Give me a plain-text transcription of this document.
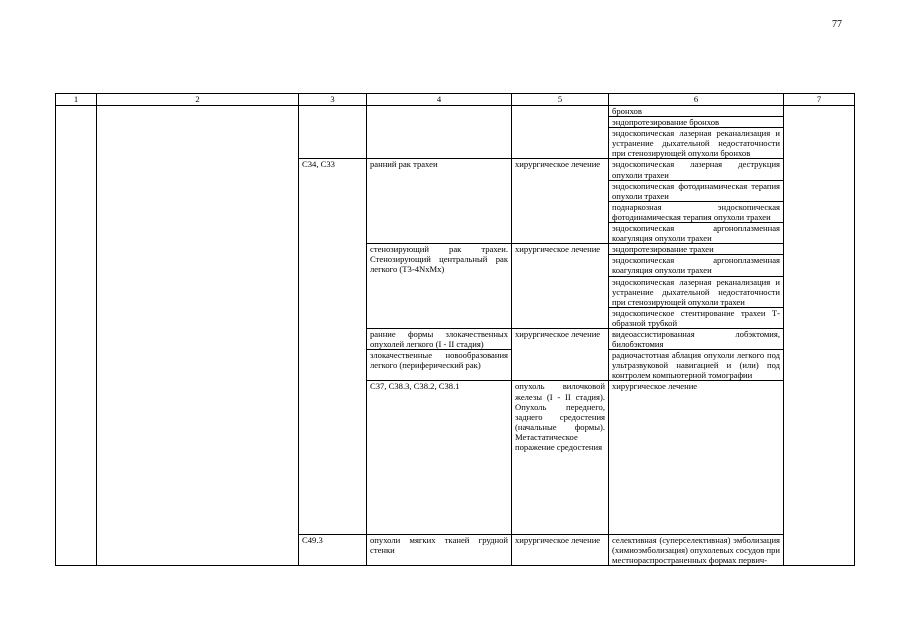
77
1	2	3	4	5	6	7	
					бронхов		
					эндопротезирование бронхов		
					эндоскопическая лазерная реканализация и устранение дыхательной недостаточности при стенозирующей опухоли бронхов		
		C34, C33	ранний рак трахеи	хирургическое лечение	эндоскопическая лазерная деструкция опухоли трахеи		
					эндоскопическая фотодинамическая терапия опухоли трахеи		
					поднаркозная эндоскопическая фотодинамическая терапия опухоли трахеи		
					эндоскопическая аргоноплазменная коагуляция опухоли трахеи		
			стенозирующий рак трахеи. Стенозирующий центральный рак легкого (T3-4NxMx)	хирургическое лечение	эндопротезирование трахеи		
					эндоскопическая аргоноплазменная коагуляция опухоли трахеи		
					эндоскопическая лазерная реканализация и устранение дыхательной недостаточности при стенозирующей опухоли трахеи		
					эндоскопическое стентирование трахеи Т-образной трубкой		
			ранние формы злокачественных опухолей легкого (I - II стадия)	хирургическое лечение	видеоассистированная лобэктомия, билобэктомия		
			злокачественные новообразования легкого (периферический рак)		радиочастотная аблация опухоли легкого под ультразвуковой навигацией и (или) под контролем компьютерной томографии		
			C37, C38.3, C38.2, C38.1	опухоль вилочковой железы (I - II стадия). Опухоль переднего, заднего средостения (начальные формы). Метастатическое поражение средостения	хирургическое лечение	

		C49.3	опухоли мягких тканей грудной стенки	хирургическое лечение	селективная (суперселективная) эмболизация (химиоэмболизация) опухолевых сосудов при местнораспространенных формах первич-		
